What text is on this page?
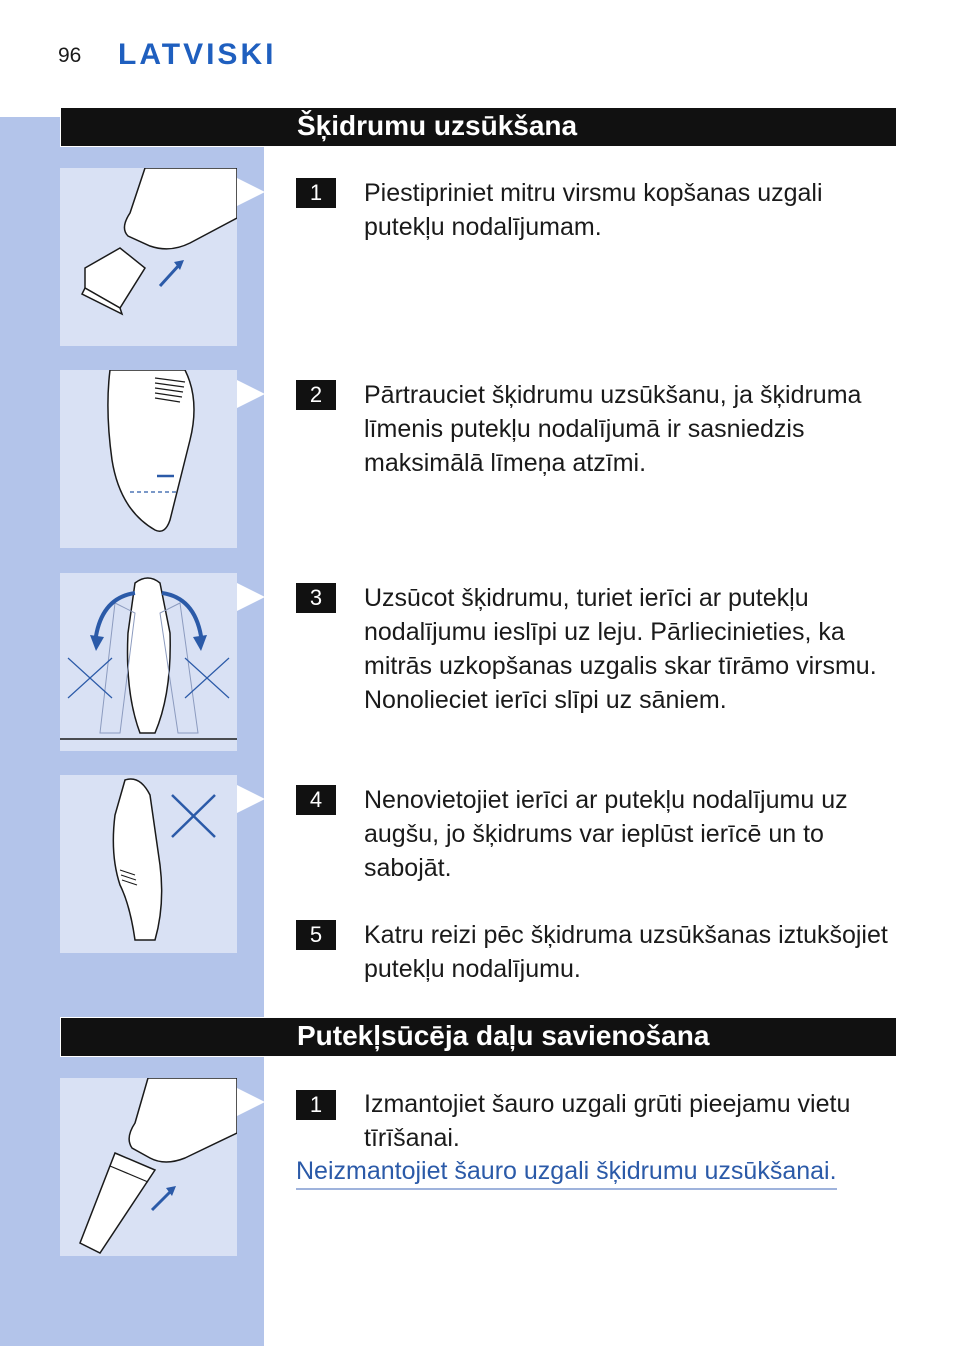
96 LATVISKI
Šķidrumu uzsūkšana
1	Piestipriniet mitru virsmu kopšanas uzgali putekļu nodalījumam.
2	Pārtrauciet šķidrumu uzsūkšanu, ja šķidruma līmenis putekļu nodalījumā ir sasniedzis maksimālā līmeņa atzīmi.
3	Uzsūcot šķidrumu, turiet ierīci ar putekļu nodalījumu ieslīpi uz leju. Pārliecinieties, ka mitrās uzkopšanas uzgalis skar tīrāmo virsmu. Nonolieciet ierīci slīpi uz sāniem.
4	Nenovietojiet ierīci ar putekļu nodalījumu uz augšu, jo šķidrums var ieplūst ierīcē un to sabojāt.
5	Katru reizi pēc šķidruma uzsūkšanas iztukšojiet putekļu nodalījumu.
Putekļsūcēja daļu savienošana
1	Izmantojiet šauro uzgali grūti pieejamu vietu tīrīšanai.
Neizmantojiet šauro uzgali šķidrumu uzsūkšanai.
